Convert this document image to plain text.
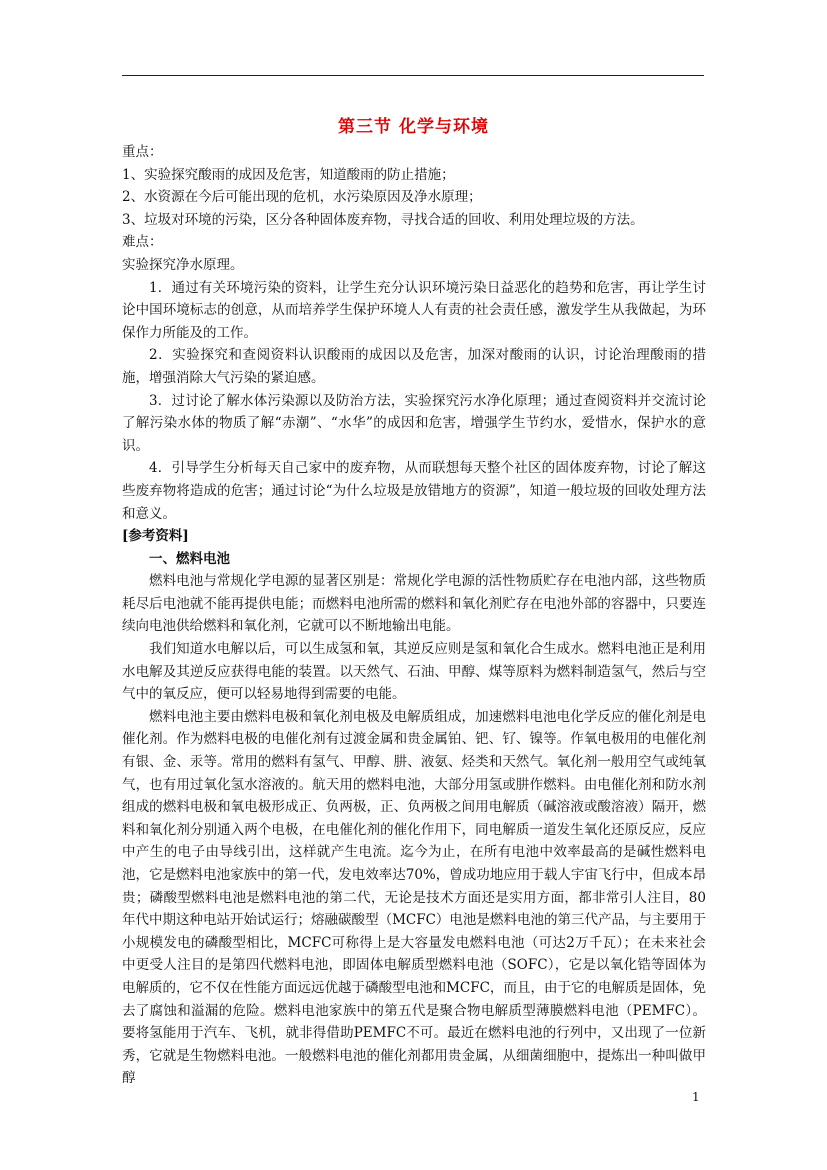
第三节 化学与环境

重点：

1、实验探究酸雨的成因及危害，知道酸雨的防止措施；

2、水资源在今后可能出现的危机，水污染原因及净水原理；

3、垃圾对环境的污染，区分各种固体废弃物，寻找合适的回收、利用处理垃圾的方法。

难点：

实验探究净水原理。

1．通过有关环境污染的资料，让学生充分认识环境污染日益恶化的趋势和危害，再让学生讨论中国环境标志的创意，从而培养学生保护环境人人有责的社会责任感，激发学生从我做起，为环保作力所能及的工作。

2．实验探究和查阅资料认识酸雨的成因以及危害，加深对酸雨的认识，讨论治理酸雨的措施，增强消除大气污染的紧迫感。

3．过讨论了解水体污染源以及防治方法，实验探究污水净化原理；通过查阅资料并交流讨论了解污染水体的物质了解“赤潮”、“水华”的成因和危害，增强学生节约水，爱惜水，保护水的意识。

4．引导学生分析每天自己家中的废弃物，从而联想每天整个社区的固体废弃物，讨论了解这些废弃物将造成的危害；通过讨论“为什么垃圾是放错地方的资源”，知道一般垃圾的回收处理方法和意义。

[参考资料]

一、燃料电池

燃料电池与常规化学电源的显著区别是：常规化学电源的活性物质贮存在电池内部，这些物质耗尽后电池就不能再提供电能；而燃料电池所需的燃料和氧化剂贮存在电池外部的容器中，只要连续向电池供给燃料和氧化剂，它就可以不断地输出电能。

我们知道水电解以后，可以生成氢和氧，其逆反应则是氢和氧化合生成水。燃料电池正是利用水电解及其逆反应获得电能的装置。以天然气、石油、甲醇、煤等原料为燃料制造氢气，然后与空气中的氧反应，便可以轻易地得到需要的电能。

燃料电池主要由燃料电极和氧化剂电极及电解质组成，加速燃料电池电化学反应的催化剂是电催化剂。作为燃料电极的电催化剂有过渡金属和贵金属铂、钯、钌、镍等。作氧电极用的电催化剂有银、金、汞等。常用的燃料有氢气、甲醇、肼、液氨、烃类和天然气。氧化剂一般用空气或纯氧气，也有用过氧化氢水溶液的。航天用的燃料电池，大部分用氢或肼作燃料。由电催化剂和防水剂组成的燃料电极和氧电极形成正、负两极，正、负两极之间用电解质（碱溶液或酸溶液）隔开，燃料和氧化剂分别通入两个电极，在电催化剂的催化作用下，同电解质一道发生氧化还原反应，反应中产生的电子由导线引出，这样就产生电流。迄今为止，在所有电池中效率最高的是碱性燃料电池，它是燃料电池家族中的第一代，发电效率达70%，曾成功地应用于载人宇宙飞行中，但成本昂贵；磷酸型燃料电池是燃料电池的第二代，无论是技术方面还是实用方面，都非常引人注目，80年代中期这种电站开始试运行；熔融碳酸型（MCFC）电池是燃料电池的第三代产品，与主要用于小规模发电的磷酸型相比，MCFC可称得上是大容量发电燃料电池（可达2万千瓦）；在未来社会中更受人注目的是第四代燃料电池，即固体电解质型燃料电池（SOFC），它是以氧化锆等固体为电解质的，它不仅在性能方面远远优越于磷酸型电池和MCFC，而且，由于它的电解质是固体，免去了腐蚀和溢漏的危险。燃料电池家族中的第五代是聚合物电解质型薄膜燃料电池（PEMFC）。要将氢能用于汽车、飞机，就非得借助PEMFC不可。最近在燃料电池的行列中，又出现了一位新秀，它就是生物燃料电池。一般燃料电池的催化剂都用贵金属，从细菌细胞中，提炼出一种叫做甲醇

1
